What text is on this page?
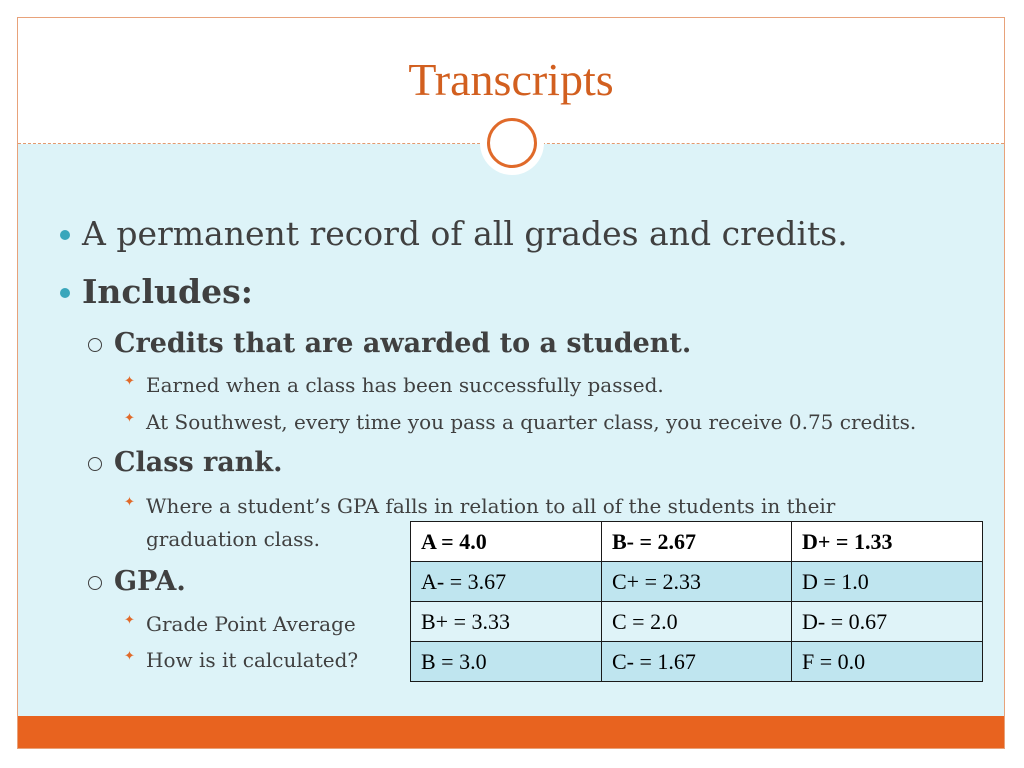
Transcripts
A permanent record of all grades and credits.
Includes:
Credits that are awarded to a student.
✦ Earned when a class has been successfully passed.
✦ At Southwest, every time you pass a quarter class, you receive 0.75 credits.
Class rank.
✦ Where a student’s GPA falls in relation to all of the students in their
graduation class.
GPA.
✦ Grade Point Average
✦ How is it calculated?
A = 4.0	B- = 2.67	D+ = 1.33
A- = 3.67	C+ = 2.33	D = 1.0
B+ = 3.33	C = 2.0	D- = 0.67
B = 3.0	C- = 1.67	F = 0.0
